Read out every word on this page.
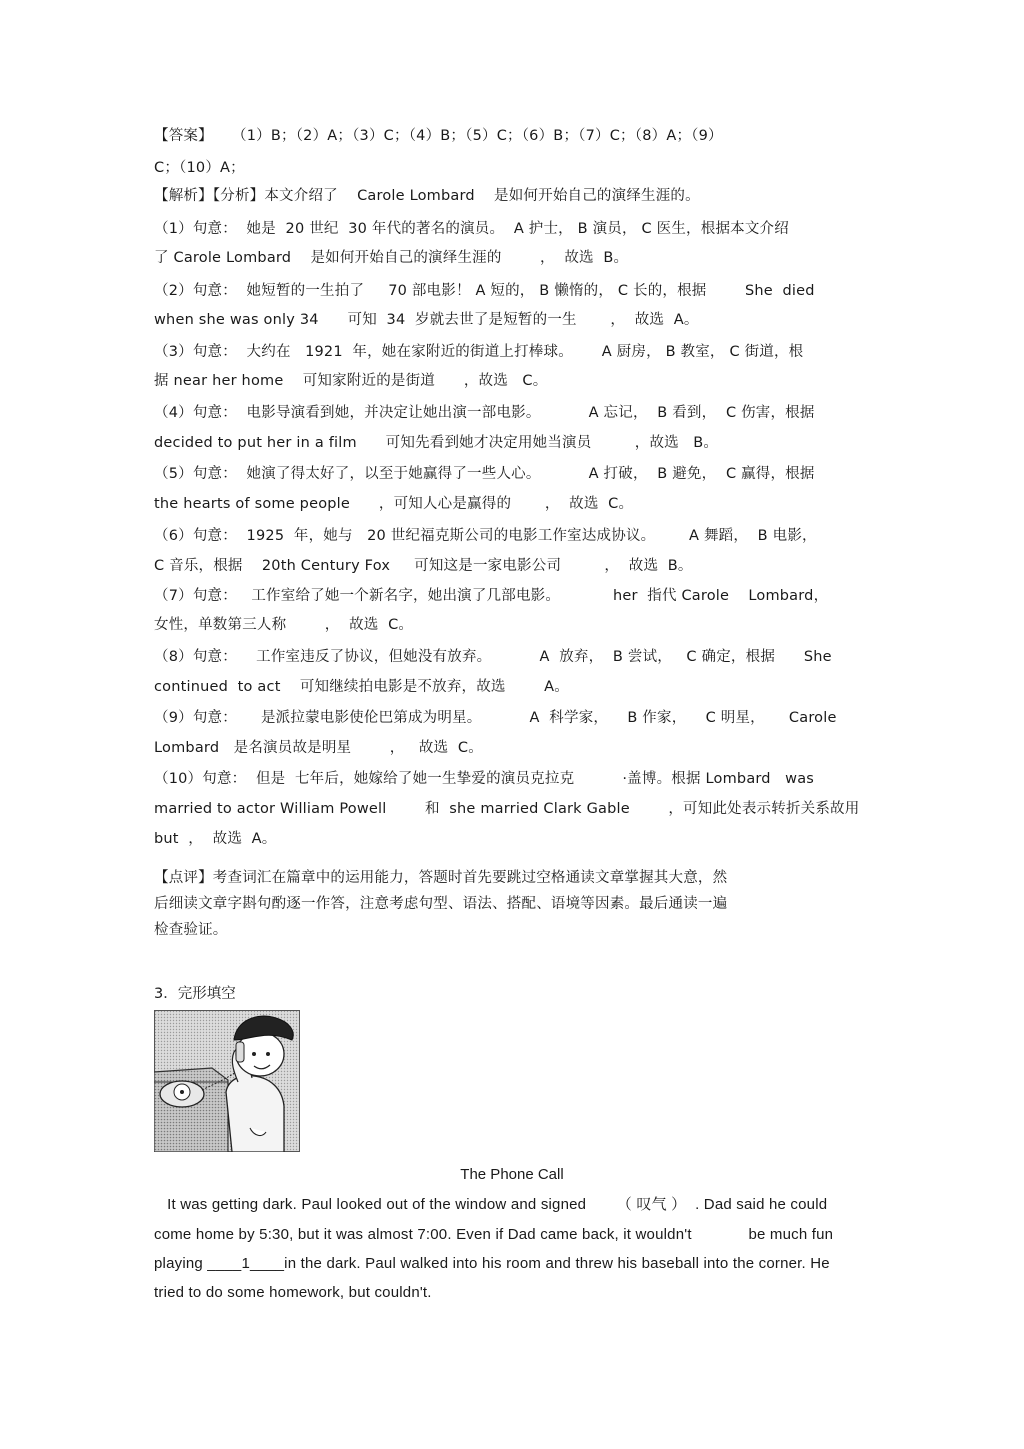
【答案】    （1）B；（2）A；（3）C；（4）B；（5）C；（6）B；（7）C；（8）A；（9）
C；（10）A；
【解析】【分析】本文介绍了    Carole Lombard    是如何开始自己的演绎生涯的。
（1）句意：  她是  20 世纪  30 年代的著名的演员。  A 护士， B 演员， C 医生，根据本文介绍
了 Carole Lombard    是如何开始自己的演绎生涯的        ，  故选  B。
（2）句意：  她短暂的一生拍了     70 部电影！ A 短的， B 懒惰的， C 长的，根据        She  died
when she was only 34      可知  34  岁就去世了是短暂的一生       ，  故选  A。
（3）句意：  大约在   1921  年，她在家附近的街道上打棒球。      A 厨房， B 教室， C 街道，根
据 near her home    可知家附近的是街道      ，故选   C。
（4）句意：  电影导演看到她，并决定让她出演一部电影。          A 忘记，  B 看到，  C 伤害，根据
decided to put her in a film      可知先看到她才决定用她当演员         ，故选   B。
（5）句意：  她演了得太好了，以至于她赢得了一些人心。          A 打破，  B 避免，  C 赢得，根据
the hearts of some people      ，可知人心是赢得的       ，  故选  C。
（6）句意：  1925  年，她与   20 世纪福克斯公司的电影工作室达成协议。       A 舞蹈，  B 电影，
C 音乐，根据    20th Century Fox     可知这是一家电影公司         ，  故选  B。
（7）句意：   工作室给了她一个新名字，她出演了几部电影。           her  指代 Carole    Lombard，
女性，单数第三人称        ，  故选  C。
（8）句意：    工作室违反了协议，但她没有放弃。          A  放弃，  B 尝试，   C 确定，根据      She
continued  to act    可知继续拍电影是不放弃，故选        A。
（9）句意：     是派拉蒙电影使伦巴第成为明星。          A  科学家，    B 作家，    C 明星，     Carole
Lombard   是名演员故是明星        ，   故选  C。
（10）句意：  但是  七年后，她嫁给了她一生挚爱的演员克拉克          ·盖博。根据 Lombard   was
married to actor William Powell        和  she married Clark Gable        ，可知此处表示转折关系故用
but  ，  故选  A。
【点评】考查词汇在篇章中的运用能力，答题时首先要跳过空格通读文章掌握其大意，然
后细读文章字斟句酌逐一作答，注意考虑句型、语法、搭配、语境等因素。最后通读一遍
检查验证。
3．完形填空
The Phone Call
It was getting dark. Paul looked out of the window and signed       （ 叹气 ）  . Dad said he could
come home by 5:30, but it was almost 7:00. Even if Dad came back, it wouldn't             be much fun
playing ____1____in the dark. Paul walked into his room and threw his baseball into the corner. He
tried to do some homework, but couldn't.
